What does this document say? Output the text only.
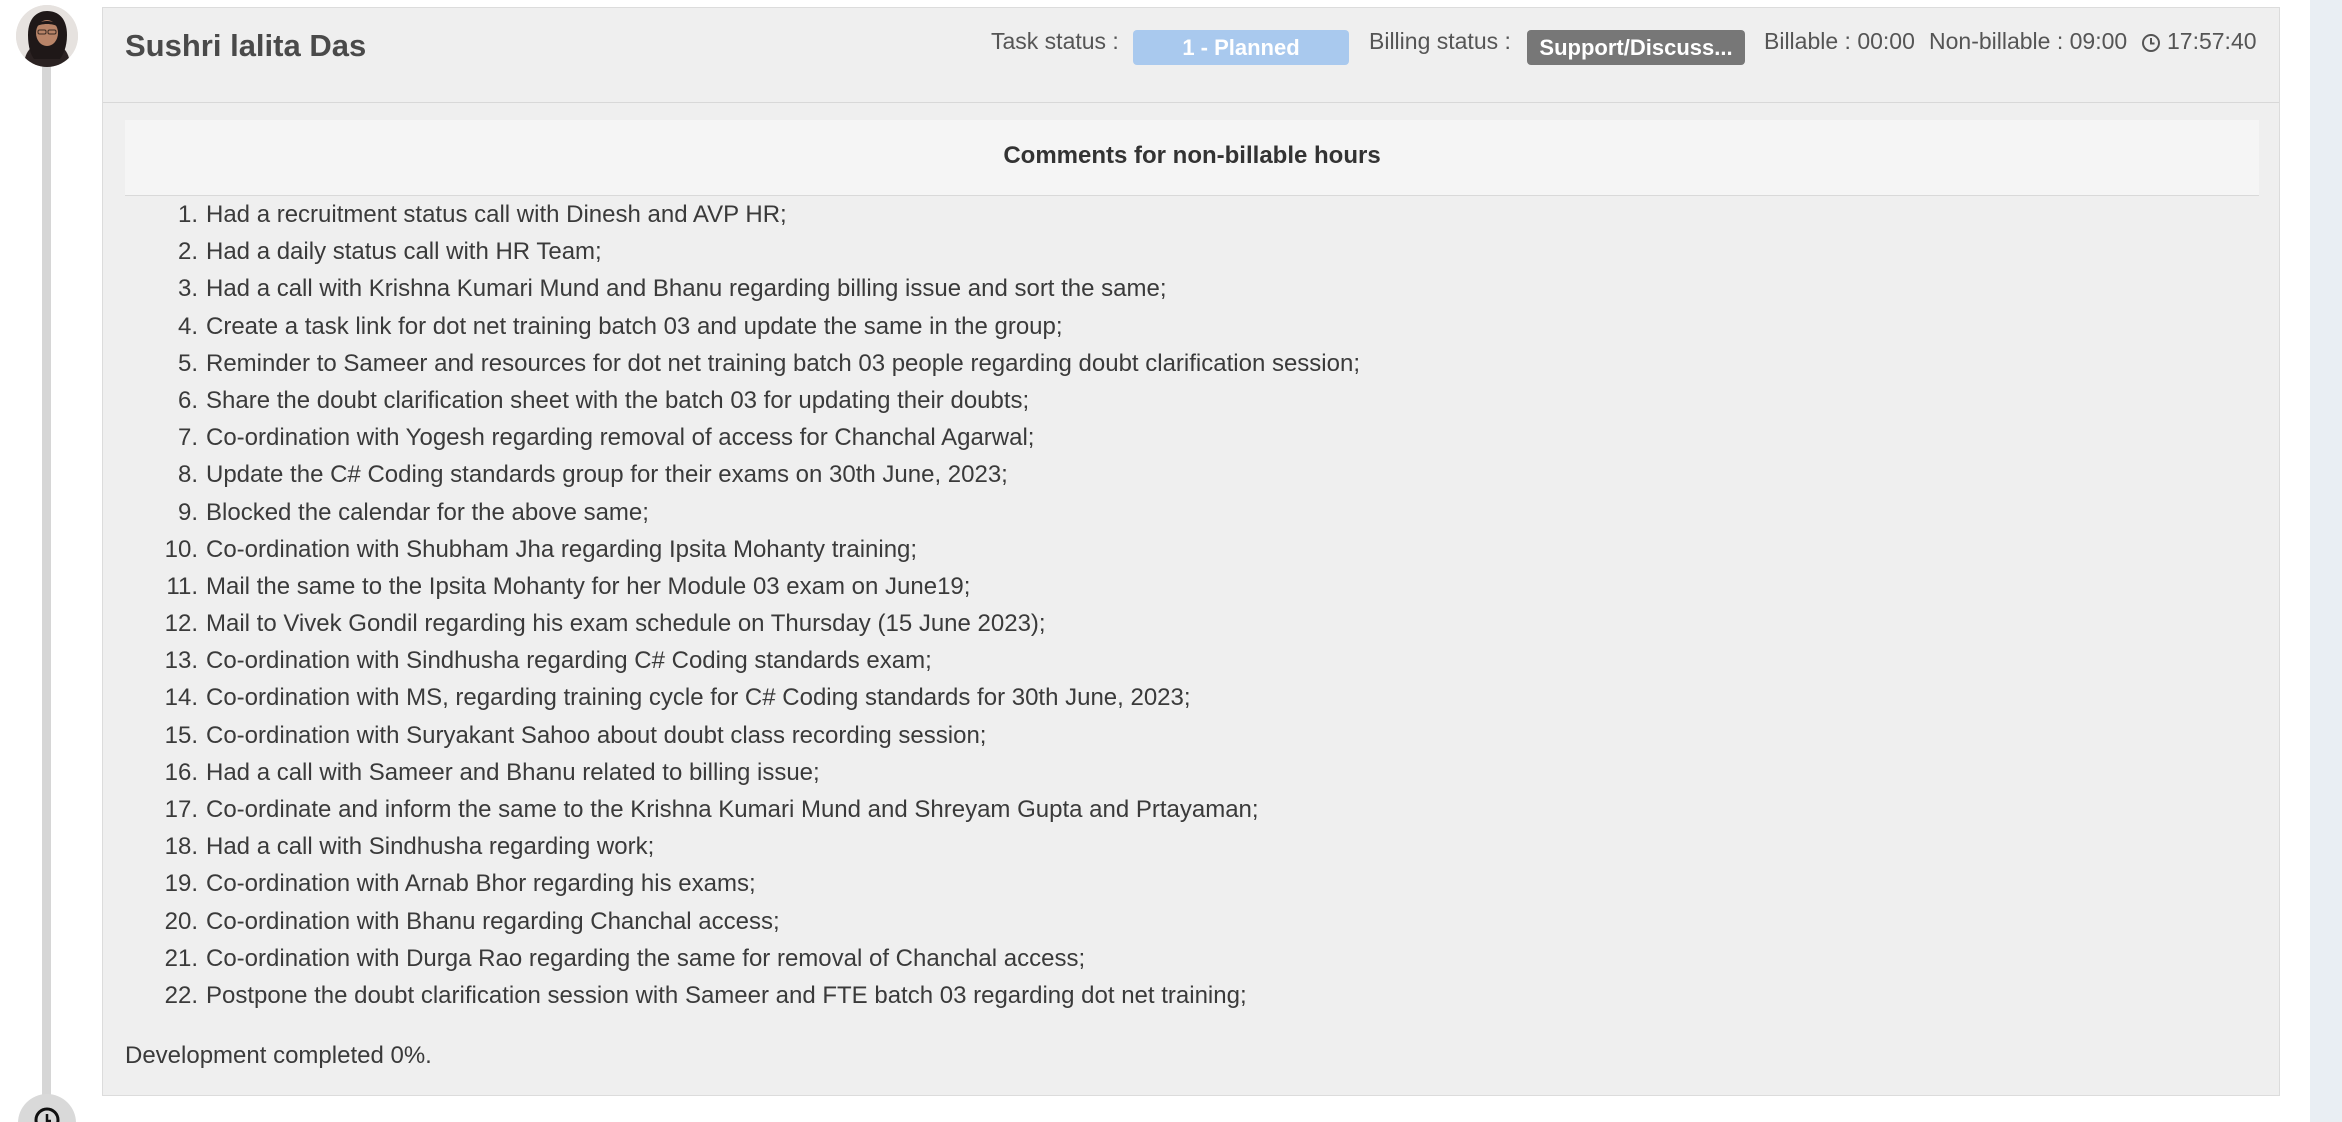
Sushri lalita Das	Task status :	1 - Planned	Billing status :	Support/Discuss...	Billable : 00:00 Non-billable : 09:00 17:57:40
Comments for non-billable hours
1. Had a recruitment status call with Dinesh and AVP HR;
2. Had a daily status call with HR Team;
3. Had a call with Krishna Kumari Mund and Bhanu regarding billing issue and sort the same;
4. Create a task link for dot net training batch 03 and update the same in the group;
5. Reminder to Sameer and resources for dot net training batch 03 people regarding doubt clarification session;
6. Share the doubt clarification sheet with the batch 03 for updating their doubts;
7. Co-ordination with Yogesh regarding removal of access for Chanchal Agarwal;
8. Update the C# Coding standards group for their exams on 30th June, 2023;
9. Blocked the calendar for the above same;
10. Co-ordination with Shubham Jha regarding Ipsita Mohanty training;
11. Mail the same to the Ipsita Mohanty for her Module 03 exam on June19;
12. Mail to Vivek Gondil regarding his exam schedule on Thursday (15 June 2023);
13. Co-ordination with Sindhusha regarding C# Coding standards exam;
14. Co-ordination with MS, regarding training cycle for C# Coding standards for 30th June, 2023;
15. Co-ordination with Suryakant Sahoo about doubt class recording session;
16. Had a call with Sameer and Bhanu related to billing issue;
17. Co-ordinate and inform the same to the Krishna Kumari Mund and Shreyam Gupta and Prtayaman;
18. Had a call with Sindhusha regarding work;
19. Co-ordination with Arnab Bhor regarding his exams;
20. Co-ordination with Bhanu regarding Chanchal access;
21. Co-ordination with Durga Rao regarding the same for removal of Chanchal access;
22. Postpone the doubt clarification session with Sameer and FTE batch 03 regarding dot net training;
Development completed 0%.
